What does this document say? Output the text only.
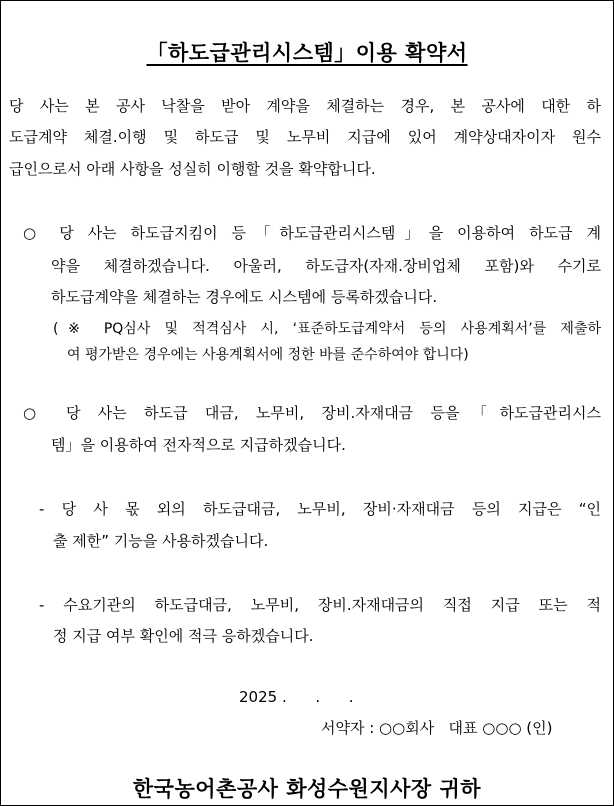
「하도급관리시스템」이용 확약서
당 사는 본 공사 낙찰을 받아 계약을 체결하는 경우, 본 공사에 대한 하
도급계약 체결.이행 및 하도급 및 노무비 지급에 있어 계약상대자이자 원수
급인으로서 아래 사항을 성실히 이행할 것을 확약합니다.
○ 당 사는 하도급지킴이 등「하도급관리시스템」을 이용하여 하도급 계
약을 체결하겠습니다. 아울러, 하도급자(자재.장비업체 포함)와 수기로
하도급계약을 체결하는 경우에도 시스템에 등록하겠습니다.
(※ PQ심사 및 적격심사 시, ‘표준하도급계약서 등의 사용계획서’를 제출하
여 평가받은 경우에는 사용계획서에 정한 바를 준수하여야 합니다)
○ 당 사는 하도급 대금, 노무비, 장비.자재대금 등을「하도급관리시스
템」을 이용하여 전자적으로 지급하겠습니다.
- 당 사 몫 외의 하도급대금, 노무비, 장비·자재대금 등의 지급은 “인
출 제한” 기능을 사용하겠습니다.
- 수요기관의 하도급대금, 노무비, 장비.자재대금의 직접 지급 또는 적
정 지급 여부 확인에 적극 응하겠습니다.
2025 .      .      .
서약자 : ○○회사   대표 ○○○ (인)
한국농어촌공사 화성수원지사장 귀하
